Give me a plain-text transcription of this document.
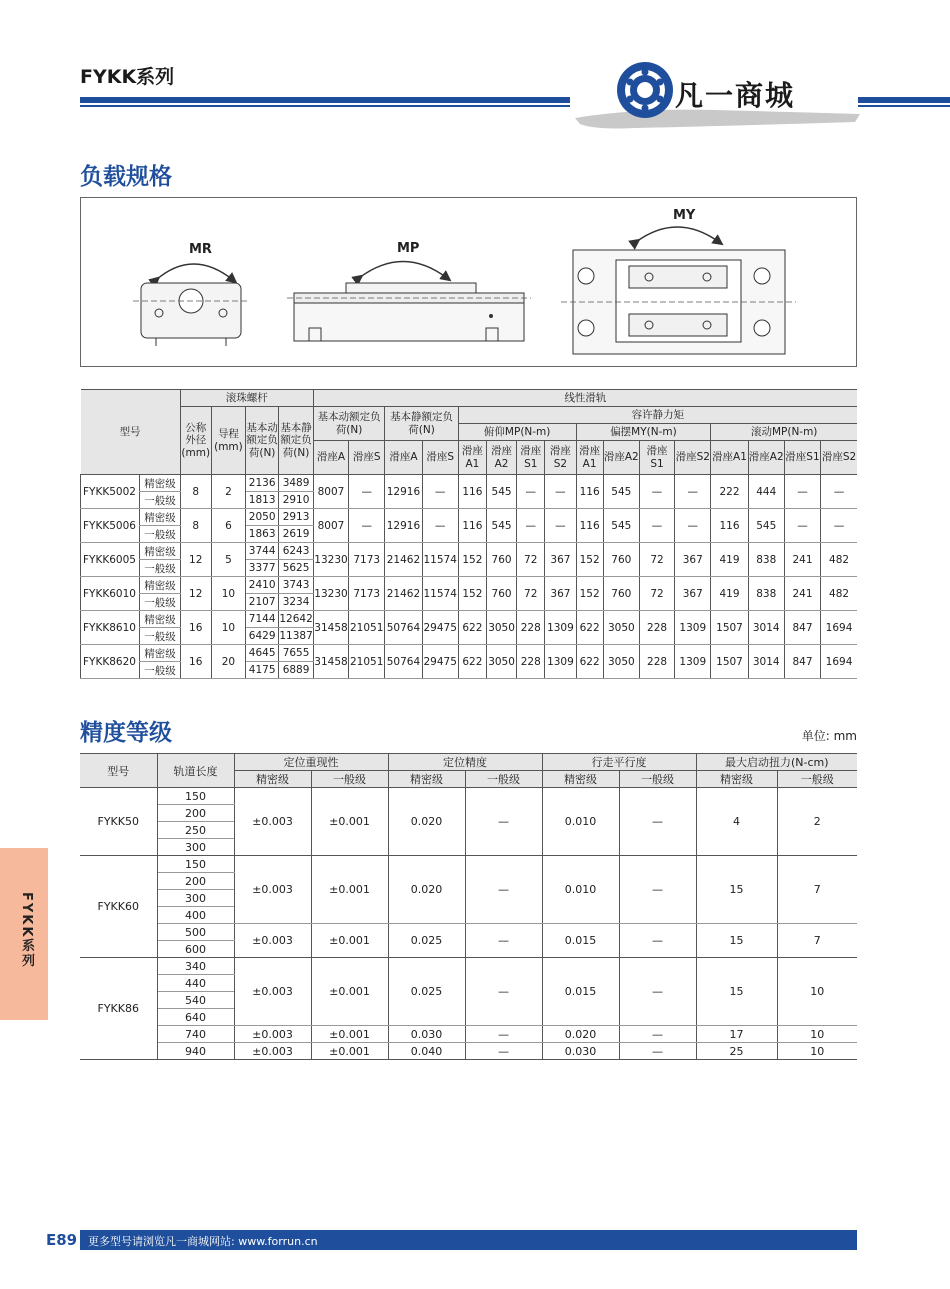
FYKK系列
凡一商城
负载规格
MR	MP
MY
型号		滚珠螺杆				线性滑轨															
		公称外径(mm)	导程(mm)	基本动额定负荷(N)	基本静额定负荷(N)	基本动额定负荷(N)		基本静额定负荷(N)		容许静力矩											
										俯仰MP(N-m)				偏摆MY(N-m)				滚动MP(N-m)			
						滑座A	滑座S	滑座A	滑座S	滑座A1	滑座A2	滑座S1	滑座S2	滑座A1	滑座A2	滑座S1	滑座S2	滑座A1	滑座A2	滑座S1	滑座S2
FYKK5002	精密级	8	2	2136	3489	8007	—	12916	—	116	545	—	—	116	545	—	—	222	444	—	—
	一般级			1813	2910																
FYKK5006	精密级	8	6	2050	2913	8007	—	12916	—	116	545	—	—	116	545	—	—	116	545	—	—
	一般级			1863	2619																
FYKK6005	精密级	12	5	3744	6243	13230	7173	21462	11574	152	760	72	367	152	760	72	367	419	838	241	482
	一般级			3377	5625																
FYKK6010	精密级	12	10	2410	3743	13230	7173	21462	11574	152	760	72	367	152	760	72	367	419	838	241	482
	一般级			2107	3234																
FYKK8610	精密级	16	10	7144	12642	31458	21051	50764	29475	622	3050	228	1309	622	3050	228	1309	1507	3014	847	1694
	一般级			6429	11387																
FYKK8620	精密级	16	20	4645	7655	31458	21051	50764	29475	622	3050	228	1309	622	3050	228	1309	1507	3014	847	1694
	一般级			4175	6889																
精度等级	单位: mm
型号	轨道长度	定位重现性		定位精度		行走平行度		最大启动扭力(N-cm)	
		精密级	一般级	精密级	一般级	精密级	一般级	精密级	一般级
FYKK50	150	±0.003	±0.001	0.020	—	0.010	—	4	2
	200								
	250								
	300								
FYKK60	150	±0.003	±0.001	0.020	—	0.010	—	15	7
	200								
	300								
	400								
	500	±0.003	±0.001	0.025	—	0.015	—	15	7
	600								
FYKK86	340	±0.003	±0.001	0.025	—	0.015	—	15	10
	440								
	540								
	640								
	740	±0.003	±0.001	0.030	—	0.020	—	17	10
	940	±0.003	±0.001	0.040	—	0.030	—	25	10
FYKK系列
E89 更多型号请浏览凡一商城网站: www.forrun.cn
